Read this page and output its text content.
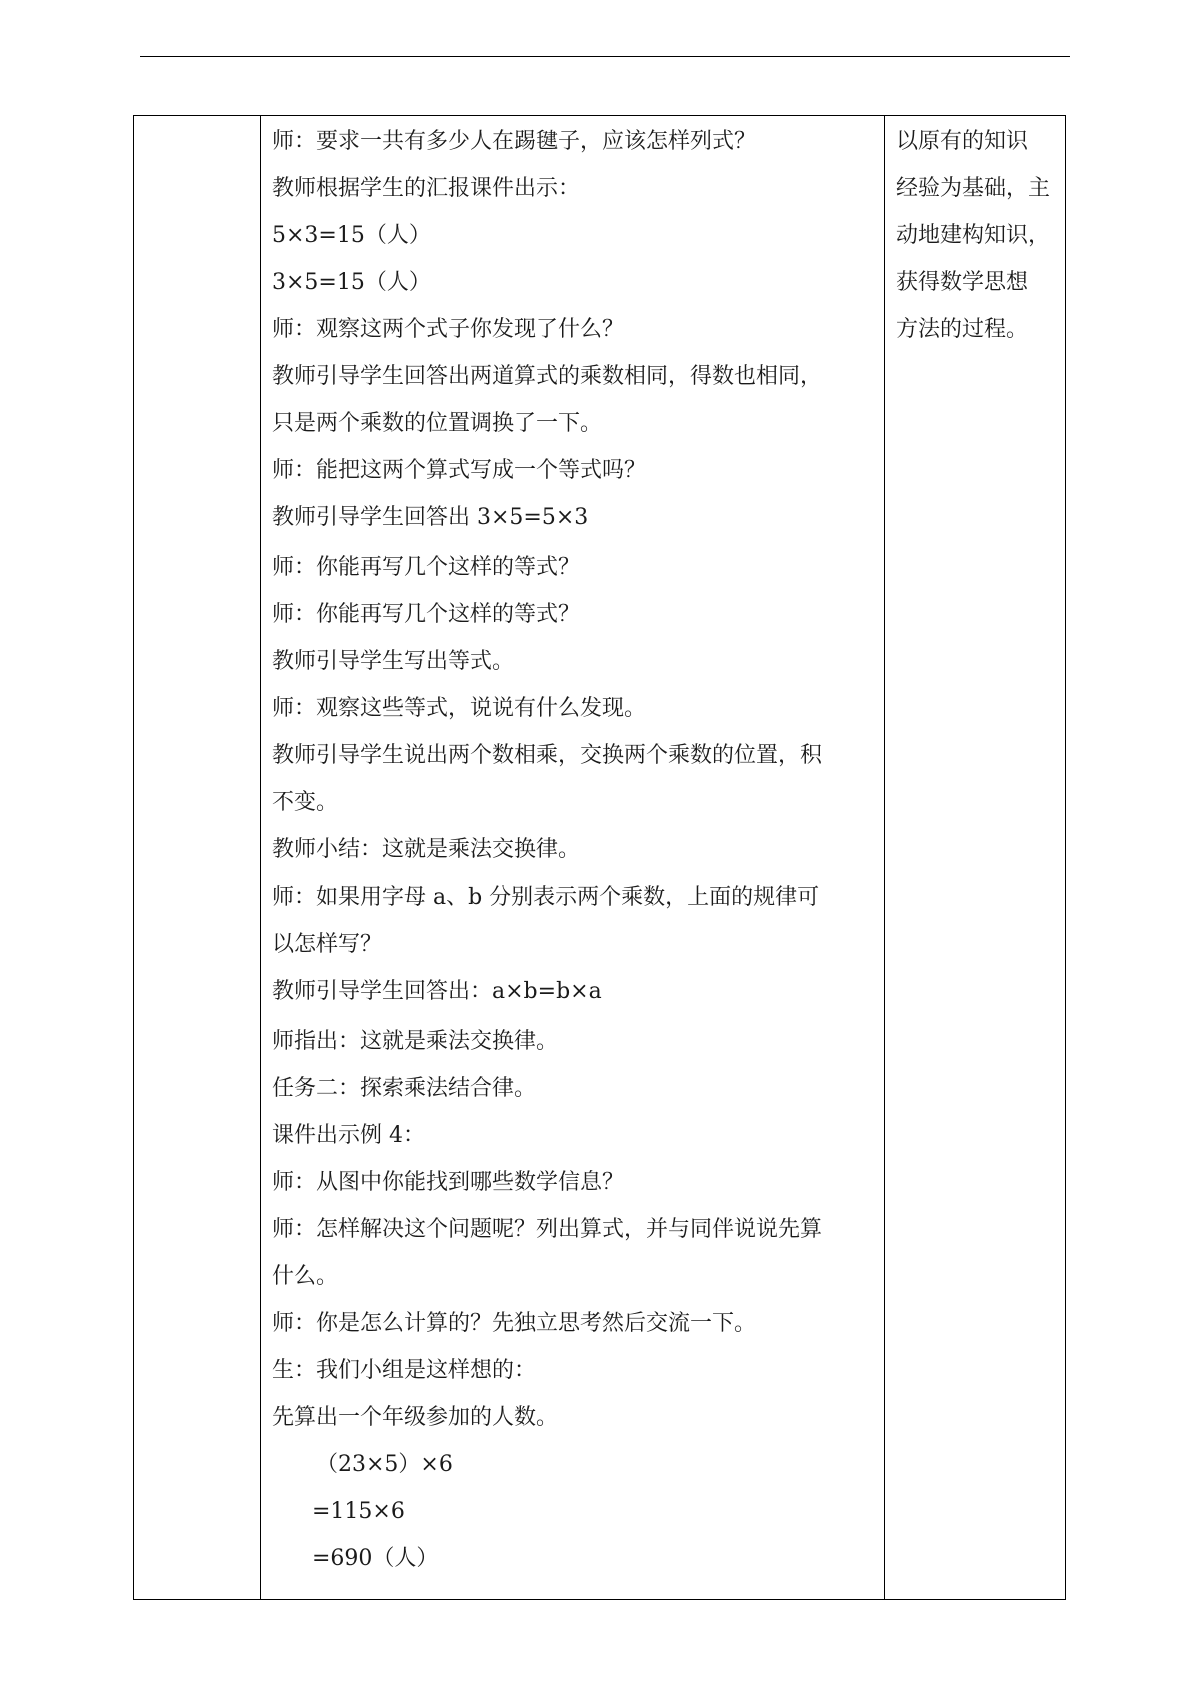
师：要求一共有多少人在踢毽子，应该怎样列式？
教师根据学生的汇报课件出示：
5×3=15（人）
3×5=15（人）
师：观察这两个式子你发现了什么？
教师引导学生回答出两道算式的乘数相同，得数也相同，
只是两个乘数的位置调换了一下。
师：能把这两个算式写成一个等式吗？
教师引导学生回答出 3×5=5×3
师：你能再写几个这样的等式？
师：你能再写几个这样的等式？
教师引导学生写出等式。
师：观察这些等式，说说有什么发现。
教师引导学生说出两个数相乘，交换两个乘数的位置，积
不变。
教师小结：这就是乘法交换律。
师：如果用字母 a、b 分别表示两个乘数，上面的规律可
以怎样写？
教师引导学生回答出：a×b=b×a
师指出：这就是乘法交换律。
任务二：探索乘法结合律。
课件出示例 4：
师：从图中你能找到哪些数学信息？
师：怎样解决这个问题呢？列出算式，并与同伴说说先算
什么。
师：你是怎么计算的？先独立思考然后交流一下。
生：我们小组是这样想的：
先算出一个年级参加的人数。
（23×5）×6
=115×6
=690（人）
以原有的知识
经验为基础，主
动地建构知识，
获得数学思想
方法的过程。
